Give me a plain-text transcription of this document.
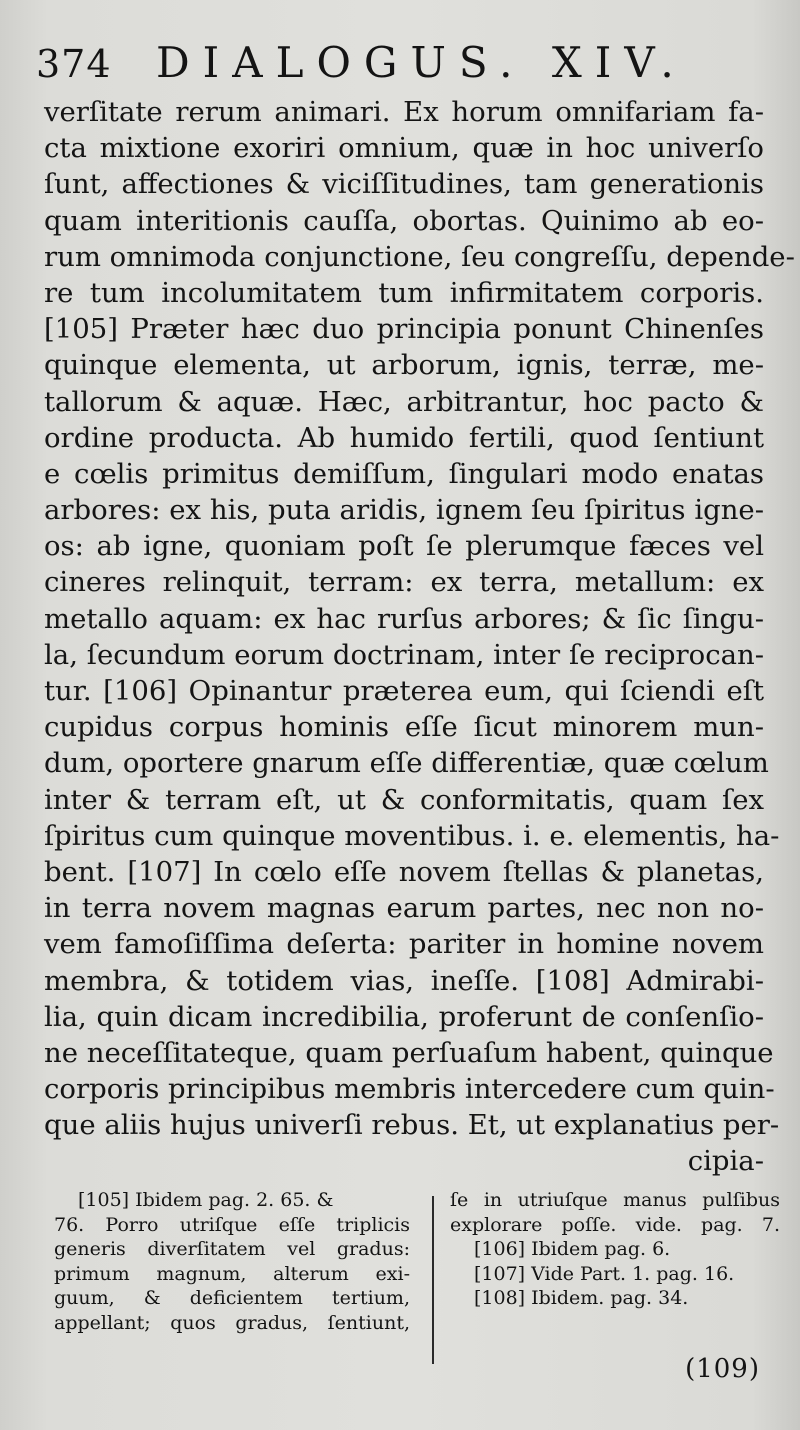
374 DIALOGUS. XIV.
verſitate rerum animari. Ex horum omnifariam fa-
cta mixtione exoriri omnium, quæ in hoc univerſo
ſunt, affectiones & viciſſitudines, tam generationis
quam interitionis cauſſa, obortas. Quinimo ab eo-
rum omnimoda conjunctione, ſeu congreſſu, depende-
re tum incolumitatem tum infirmitatem corporis.
[105] Præter hæc duo principia ponunt Chinenſes
quinque elementa, ut arborum, ignis, terræ, me-
tallorum & aquæ. Hæc, arbitrantur, hoc pacto &
ordine producta. Ab humido fertili, quod ſentiunt
e cœlis primitus demiſſum, ſingulari modo enatas
arbores: ex his, puta aridis, ignem ſeu ſpiritus igne-
os: ab igne, quoniam poſt ſe plerumque fæces vel
cineres relinquit, terram: ex terra, metallum: ex
metallo aquam: ex hac rurſus arbores; & ſic ſingu-
la, ſecundum eorum doctrinam, inter ſe reciprocan-
tur. [106] Opinantur præterea eum, qui ſciendi eſt
cupidus corpus hominis eſſe ſicut minorem mun-
dum, oportere gnarum eſſe differentiæ, quæ cœlum
inter & terram eſt, ut & conformitatis, quam ſex
ſpiritus cum quinque moventibus. i. e. elementis, ha-
bent. [107] In cœlo eſſe novem ſtellas & planetas,
in terra novem magnas earum partes, nec non no-
vem famoſiſſima deſerta: pariter in homine novem
membra, & totidem vias, ineſſe. [108] Admirabi-
lia, quin dicam incredibilia, proferunt de conſenſio-
ne neceſſitateque, quam perſuaſum habent, quinque
corporis principibus membris intercedere cum quin-
que aliis hujus univerſi rebus. Et, ut explanatius per-
cipia-
[105] Ibidem pag. 2. 65. &
76. Porro utriſque eſſe triplicis
generis diverſitatem vel gradus:
primum magnum, alterum exi-
guum, & deficientem tertium,
appellant; quos gradus, ſentiunt,
ſe in utriuſque manus pulſibus
explorare poſſe. vide. pag. 7.
[106] Ibidem pag. 6.
[107] Vide Part. 1. pag. 16.
[108] Ibidem. pag. 34.
(109)
